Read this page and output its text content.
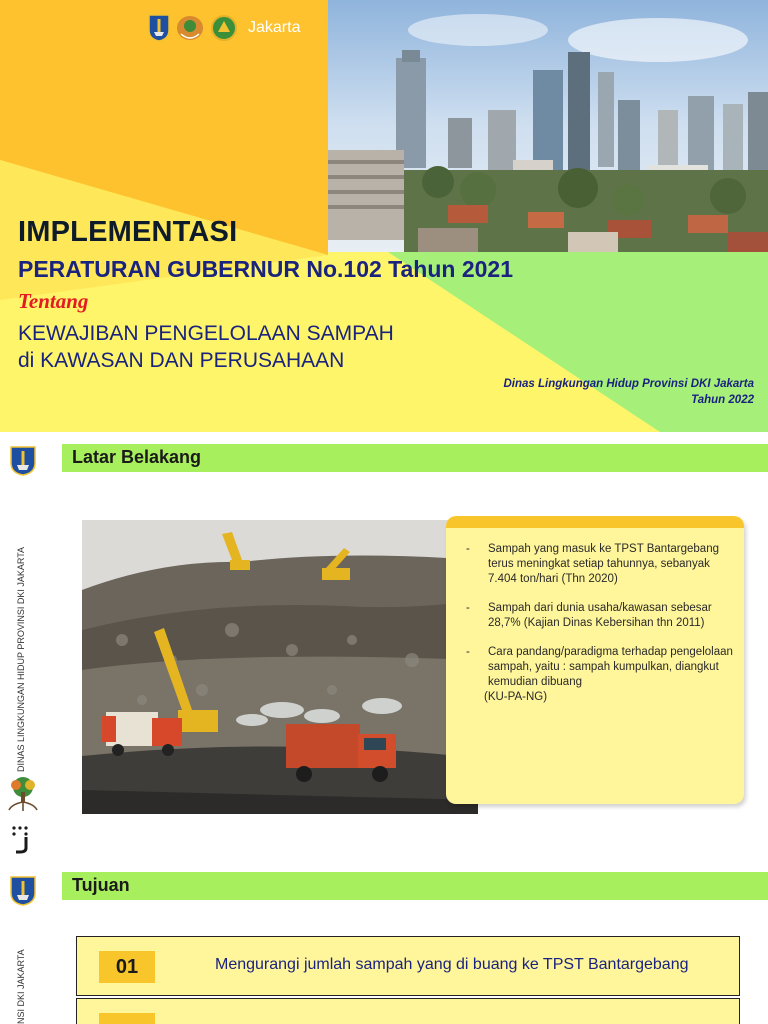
Jakarta
IMPLEMENTASI
PERATURAN GUBERNUR No.102 Tahun 2021

Tentang

KEWAJIBAN PENGELOLAAN SAMPAH

di KAWASAN DAN PERUSAHAAN

Dinas Lingkungan Hidup Provinsi DKI Jakarta
Tahun 2022
DINAS LINGKUNGAN HIDUP PROVINSI DKI JAKARTA
Latar Belakang
- Sampah yang masuk ke TPST Bantargebang terus meningkat setiap tahunnya, sebanyak 7.404 ton/hari (Thn 2020)
- Sampah dari dunia usaha/kawasan sebesar 28,7% (Kajian Dinas Kebersihan thn 2011)
- Cara pandang/paradigma terhadap pengelolaan sampah, yaitu : sampah kumpulkan, diangkut kemudian dibuang
(KU-PA-NG)
NSI DKI JAKARTA
Tujuan
01	Mengurangi jumlah sampah yang di buang ke TPST Bantargebang
